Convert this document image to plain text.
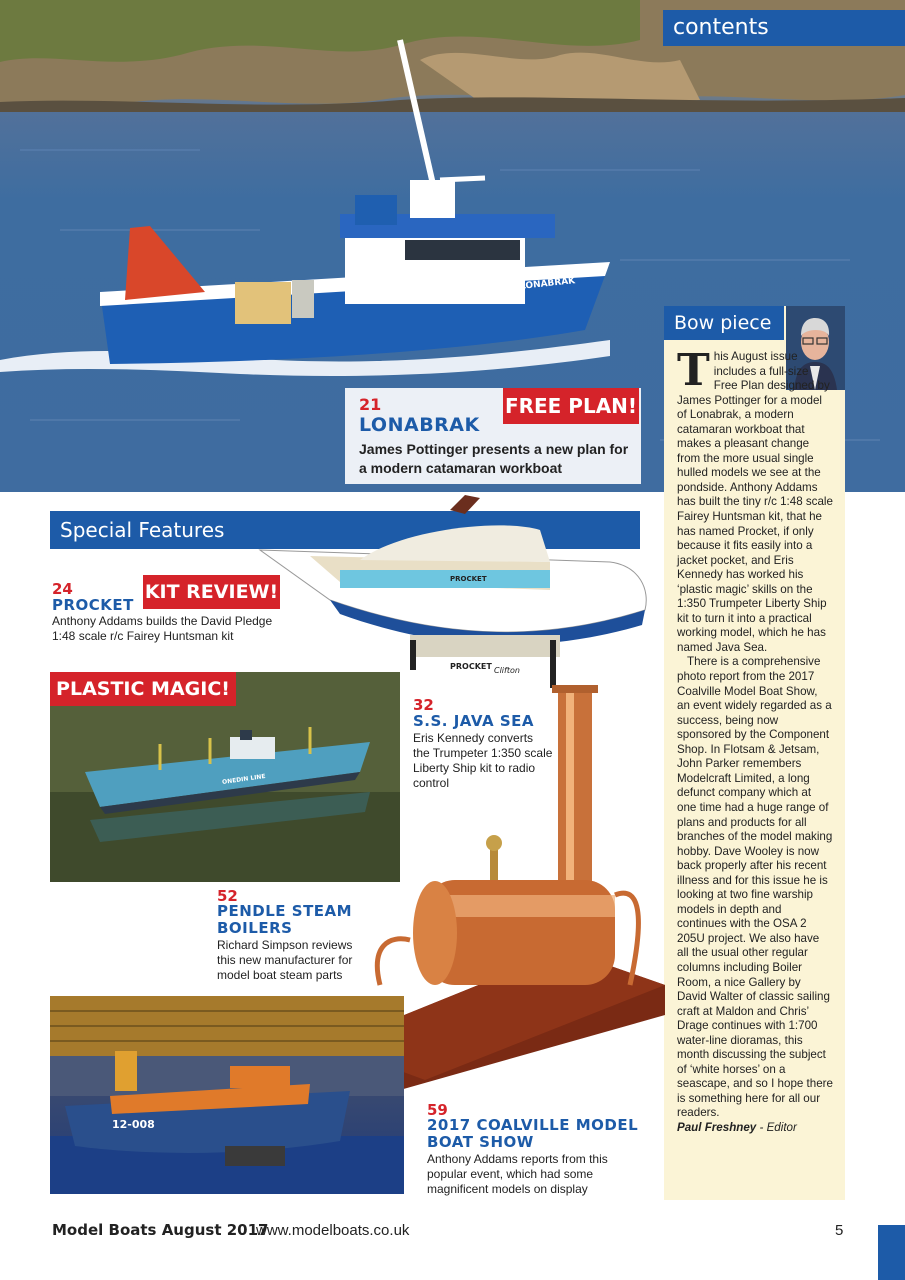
LONABRAK
contents
FREE PLAN!
21
LONABRAK
James Pottinger presents a new plan for a modern catamaran workboat
Bow piece

This August issue includes a full-size Free Plan designed by James Pottinger for a model of Lonabrak, a modern catamaran workboat that makes a pleasant change from the more usual single hulled models we see at the pondside. Anthony Addams has built the tiny r/c 1:48 scale Fairey Huntsman kit, that he has named Procket, if only because it fits easily into a jacket pocket, and Eris Kennedy has worked his ‘plastic magic’ skills on the 1:350 Trumpeter Liberty Ship kit to turn it into a practical working model, which he has named Java Sea.

There is a comprehensive photo report from the 2017 Coalville Model Boat Show, an event widely regarded as a success, being now sponsored by the Component Shop. In Flotsam & Jetsam, John Parker remembers Modelcraft Limited, a long defunct company which at one time had a huge range of plans and products for all branches of the model making hobby. Dave Wooley is now back properly after his recent illness and for this issue he is looking at two fine warship models in depth and continues with the OSA 2 205U project. We also have all the usual other regular columns including Boiler Room, a nice Gallery by David Walter of classic sailing craft at Maldon and Chris’ Drage continues with 1:700 water-line dioramas, this month discussing the subject of ‘white horses’ on a seascape, and so I hope there is something here for all our readers.

Paul Freshney - Editor

Special Features
PROCKET
PROCKET Clifton
24
PROCKET
KIT REVIEW!
Anthony Addams builds the David Pledge 1:48 scale r/c Fairey Huntsman kit
ONEDIN LINE
PLASTIC MAGIC!
32
S.S. JAVA SEA
Eris Kennedy converts the Trumpeter 1:350 scale Liberty Ship kit to radio control
52
PENDLE STEAM
BOILERS
Richard Simpson reviews this new manufacturer for model boat steam parts
12-008
59
2017 COALVILLE MODEL
BOAT SHOW
Anthony Addams reports from this popular event, which had some magnificent models on display
Model Boats August 2017
www.modelboats.co.uk	5
